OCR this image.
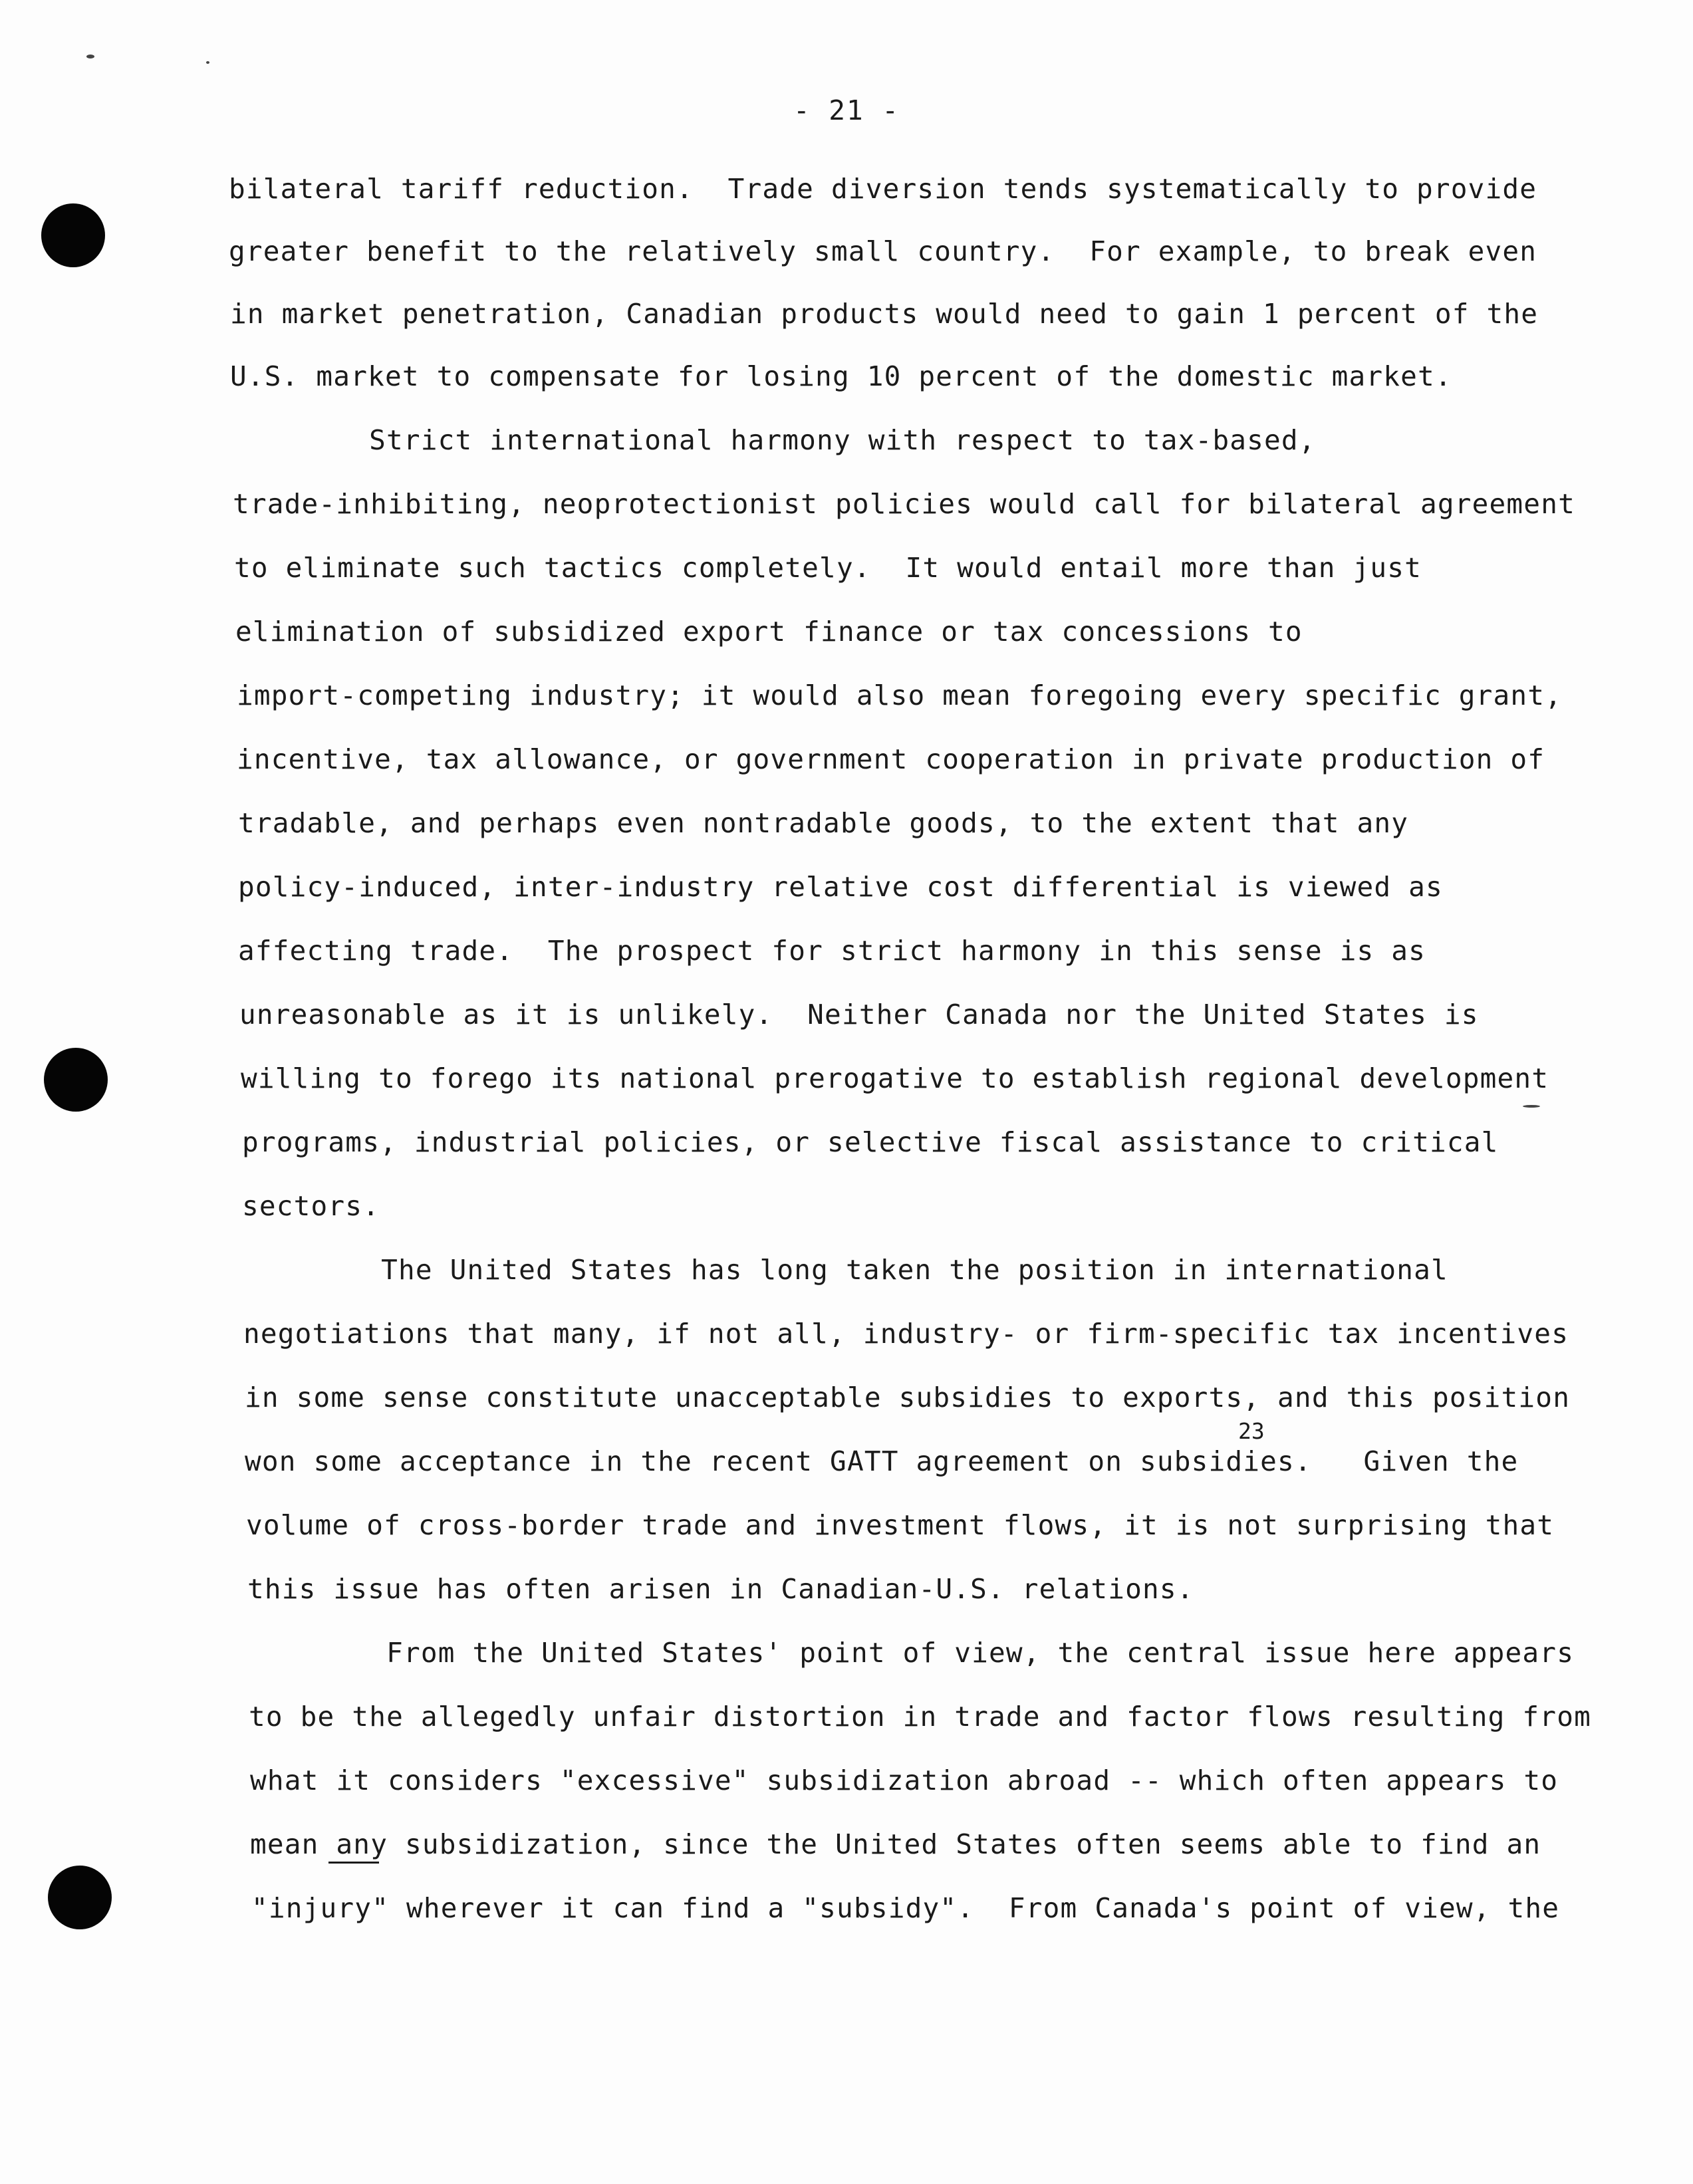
- 21 -
bilateral tariff reduction.  Trade diversion tends systematically to provide
greater benefit to the relatively small country.  For example, to break even
in market penetration, Canadian products would need to gain 1 percent of the
U.S. market to compensate for losing 10 percent of the domestic market.
Strict international harmony with respect to tax-based,
trade-inhibiting, neoprotectionist policies would call for bilateral agreement
to eliminate such tactics completely.  It would entail more than just
elimination of subsidized export finance or tax concessions to
import-competing industry; it would also mean foregoing every specific grant,
incentive, tax allowance, or government cooperation in private production of
tradable, and perhaps even nontradable goods, to the extent that any
policy-induced, inter-industry relative cost differential is viewed as
affecting trade.  The prospect for strict harmony in this sense is as
unreasonable as it is unlikely.  Neither Canada nor the United States is
willing to forego its national prerogative to establish regional development
programs, industrial policies, or selective fiscal assistance to critical
sectors.
The United States has long taken the position in international
negotiations that many, if not all, industry- or firm-specific tax incentives
in some sense constitute unacceptable subsidies to exports, and this position
won some acceptance in the recent GATT agreement on subsidies.   Given the
23
volume of cross-border trade and investment flows, it is not surprising that
this issue has often arisen in Canadian-U.S. relations.
From the United States' point of view, the central issue here appears
to be the allegedly unfair distortion in trade and factor flows resulting from
what it considers "excessive" subsidization abroad -- which often appears to
mean any subsidization, since the United States often seems able to find an
"injury" wherever it can find a "subsidy".  From Canada's point of view, the
